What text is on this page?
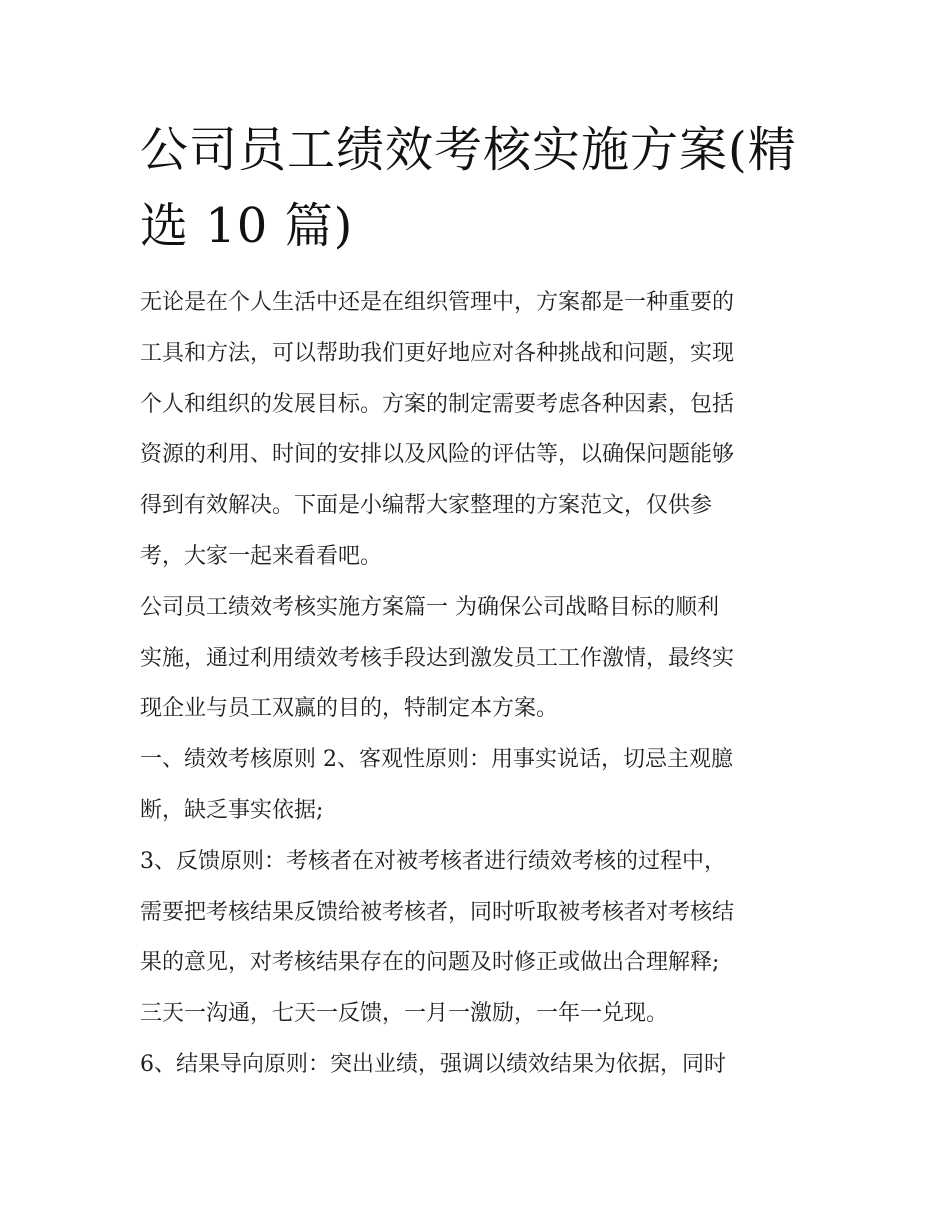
公司员工绩效考核实施方案(精
选 10 篇)
无论是在个人生活中还是在组织管理中，方案都是一种重要的
工具和方法，可以帮助我们更好地应对各种挑战和问题，实现
个人和组织的发展目标。方案的制定需要考虑各种因素，包括
资源的利用、时间的安排以及风险的评估等，以确保问题能够
得到有效解决。下面是小编帮大家整理的方案范文，仅供参
考，大家一起来看看吧。
公司员工绩效考核实施方案篇一 为确保公司战略目标的顺利
实施，通过利用绩效考核手段达到激发员工工作激情，最终实
现企业与员工双赢的目的，特制定本方案。
一、绩效考核原则 2、客观性原则：用事实说话，切忌主观臆
断，缺乏事实依据;
3、反馈原则：考核者在对被考核者进行绩效考核的过程中，
需要把考核结果反馈给被考核者，同时听取被考核者对考核结
果的意见，对考核结果存在的问题及时修正或做出合理解释;
三天一沟通，七天一反馈，一月一激励，一年一兑现。
6、结果导向原则：突出业绩，强调以绩效结果为依据，同时
